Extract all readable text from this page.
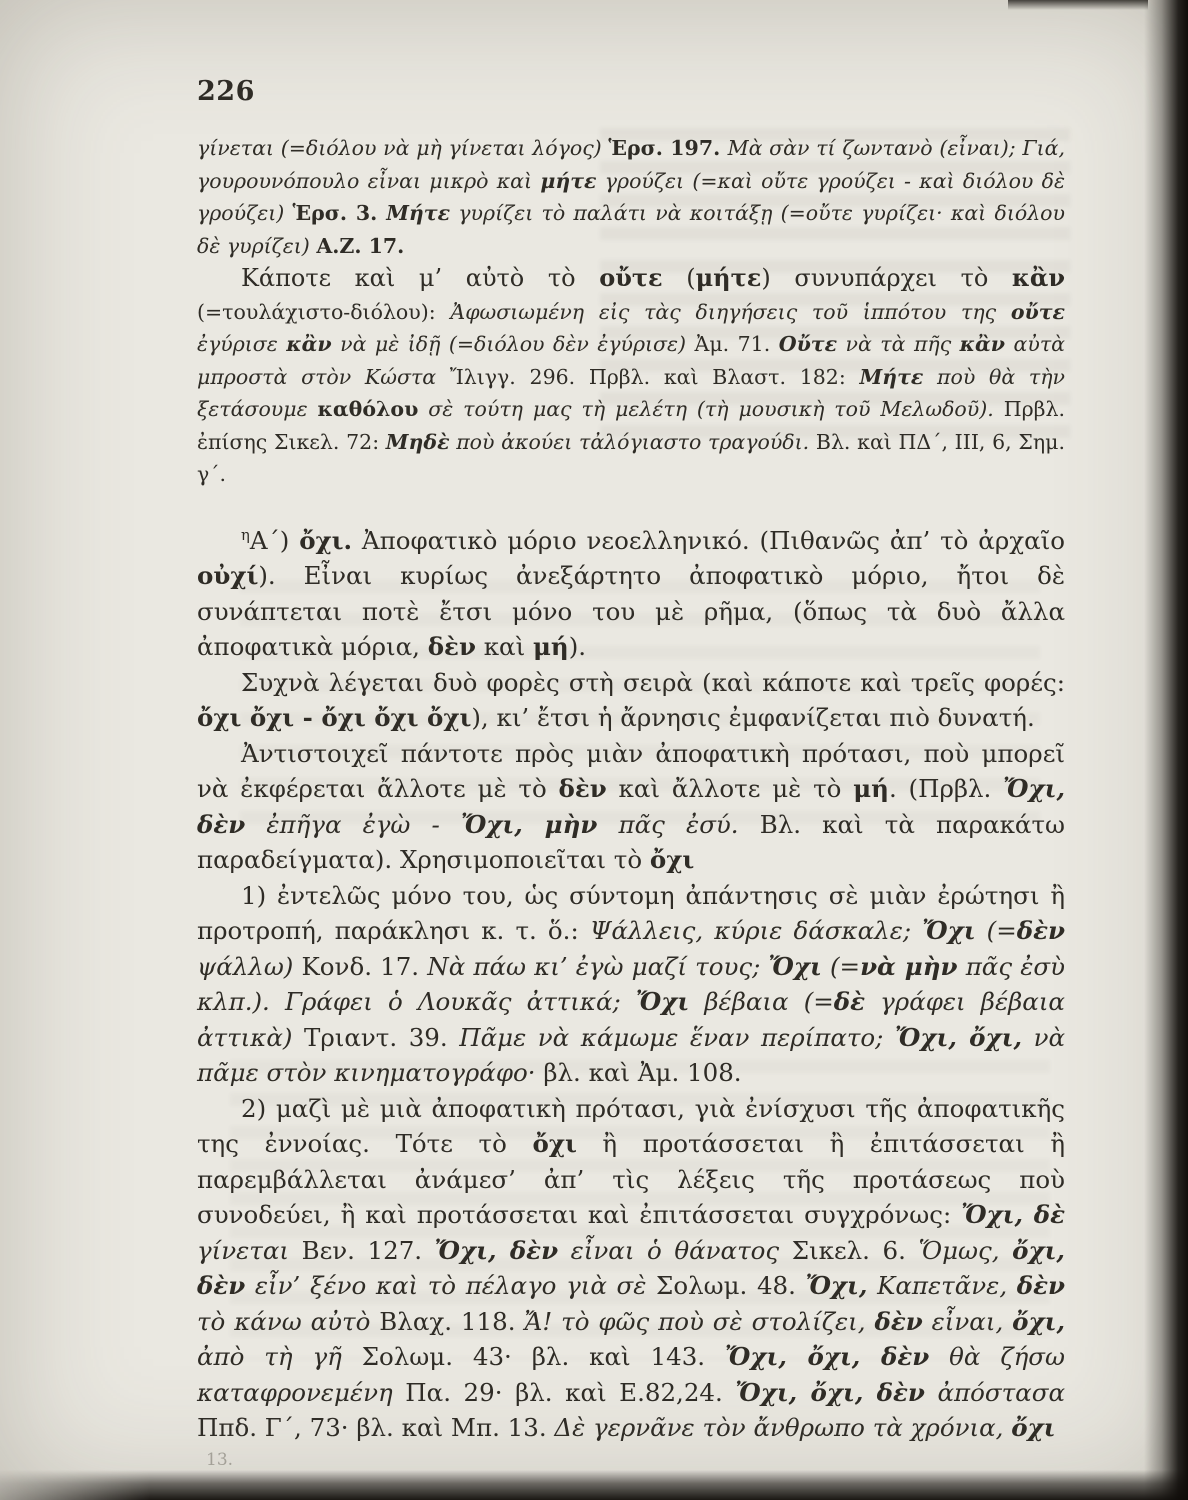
226

γίνεται (=διόλου νὰ μὴ γίνεται λόγος) Ἑρσ. 197. Μὰ σὰν τί ζωντανὸ (εἶναι); Γιά, γουρουνόπουλο εἶναι μικρὸ καὶ μήτε γρούζει (=καὶ οὔτε γρούζει - καὶ διόλου δὲ γρούζει) Ἑρσ. 3. Μήτε γυρίζει τὸ παλάτι νὰ κοιτάξῃ (=οὔτε γυρίζει· καὶ διόλου δὲ γυρίζει) Α.Ζ. 17.

Κάποτε καὶ μ’ αὐτὸ τὸ οὔτε (μήτε) συνυπάρχει τὸ κἂν (=τουλάχιστο-διόλου): Ἀφωσιωμένη εἰς τὰς διηγήσεις τοῦ ἱππότου της οὔτε ἐγύρισε κἂν νὰ μὲ ἰδῇ (=διόλου δὲν ἐγύρισε) Ἀμ. 71. Οὔτε νὰ τὰ πῆς κἂν αὐτὰ μπροστὰ στὸν Κώστα Ἴλιγγ. 296. Πρβλ. καὶ Βλαστ. 182: Μήτε ποὺ θὰ τὴν ξετάσουμε καθόλου σὲ τούτη μας τὴ μελέτη (τὴ μουσικὴ τοῦ Μελωδοῦ). Πρβλ. ἐπίσης Σικελ. 72: Μηδὲ ποὺ ἀκούει τἀλόγιαστο τραγούδι. Βλ. καὶ ΠΔ΄, ΙΙΙ, 6, Σημ. γ΄.

$^\eta$Α΄) ὄχι. Ἀποφατικὸ μόριο νεοελληνικό. (Πιθανῶς ἀπ’ τὸ ἀρχαῖο οὐχί). Εἶναι κυρίως ἀνεξάρτητο ἀποφατικὸ μόριο, ἤτοι δὲ συνάπτεται ποτὲ ἔτσι μόνο του μὲ ρῆμα, (ὅπως τὰ δυὸ ἄλλα ἀποφατικὰ μόρια, δὲν καὶ μή).

Συχνὰ λέγεται δυὸ φορὲς στὴ σειρὰ (καὶ κάποτε καὶ τρεῖς φορές: ὄχι ὄχι - ὄχι ὄχι ὄχι), κι’ ἔτσι ἡ ἄρνησις ἐμφανίζεται πιὸ δυνατή.

Ἀντιστοιχεῖ πάντοτε πρὸς μιὰν ἀποφατικὴ πρότασι, ποὺ μπορεῖ νὰ ἐκφέρεται ἄλλοτε μὲ τὸ δὲν καὶ ἄλλοτε μὲ τὸ μή. (Πρβλ. Ὄχι, δὲν ἐπῆγα ἐγὼ - Ὄχι, μὴν πᾶς ἐσύ. Βλ. καὶ τὰ παρακάτω παραδείγματα). Χρησιμοποιεῖται τὸ ὄχι

1) ἐντελῶς μόνο του, ὡς σύντομη ἀπάντησις σὲ μιὰν ἐρώτησι ἢ προτροπή, παράκλησι κ. τ. ὅ.: Ψάλλεις, κύριε δάσκαλε; Ὄχι (=δὲν ψάλλω) Κονδ. 17. Νὰ πάω κι’ ἐγὼ μαζί τους; Ὄχι (=νὰ μὴν πᾶς ἐσὺ κλπ.). Γράφει ὁ Λουκᾶς ἀττικά; Ὄχι βέβαια (=δὲ γράφει βέβαια ἀττικὰ) Τριαντ. 39. Πᾶμε νὰ κάμωμε ἕναν περίπατο; Ὄχι, ὄχι, νὰ πᾶμε στὸν κινηματογράφο· βλ. καὶ Ἀμ. 108.

2) μαζὶ μὲ μιὰ ἀποφατικὴ πρότασι, γιὰ ἐνίσχυσι τῆς ἀποφατικῆς της ἐννοίας. Τότε τὸ ὄχι ἢ προτάσσεται ἢ ἐπιτάσσεται ἢ παρεμβάλλεται ἀνάμεσ’ ἀπ’ τὶς λέξεις τῆς προτάσεως ποὺ συνοδεύει, ἢ καὶ προτάσσεται καὶ ἐπιτάσσεται συγχρόνως: Ὄχι, δὲ γίνεται Βεν. 127. Ὄχι, δὲν εἶναι ὁ θάνατος Σικελ. 6. Ὅμως, ὄχι, δὲν εἶν’ ξένο καὶ τὸ πέλαγο γιὰ σὲ Σολωμ. 48. Ὄχι, Καπετᾶνε, δὲν τὸ κάνω αὐτὸ Βλαχ. 118. Ἄ! τὸ φῶς ποὺ σὲ στολίζει, δὲν εἶναι, ὄχι, ἀπὸ τὴ γῆ Σολωμ. 43· βλ. καὶ 143. Ὄχι, ὄχι, δὲν θὰ ζήσω καταφρονεμένη Πα. 29· βλ. καὶ Ε.82,24. Ὄχι, ὄχι, δὲν ἀπόστασα Ππδ. Γ΄, 73· βλ. καὶ Μπ. 13. Δὲ γερνᾶνε τὸν ἄνθρωπο τὰ χρόνια, ὄχι

13.
